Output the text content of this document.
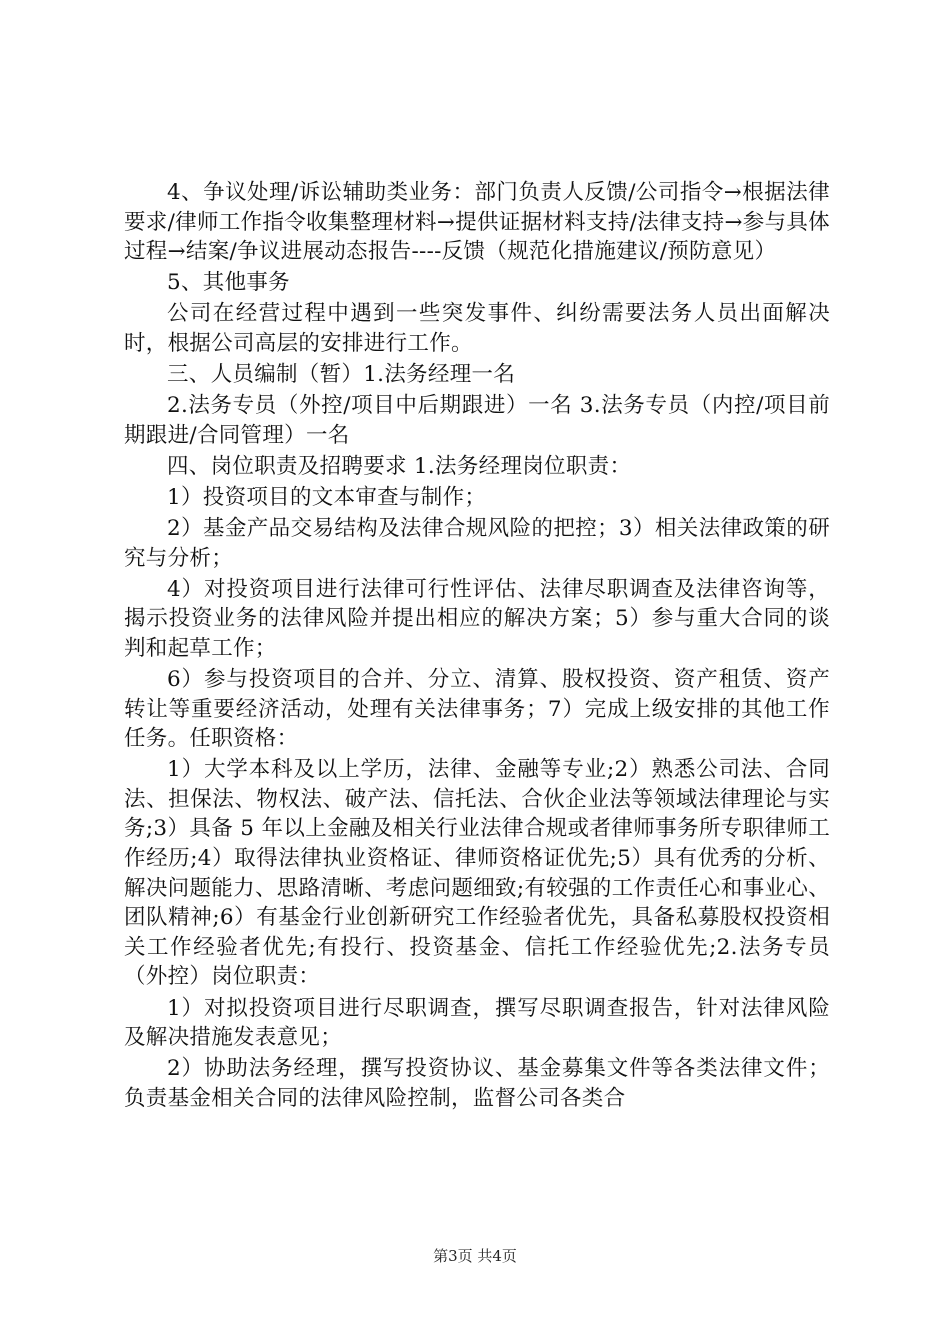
4、争议处理/诉讼辅助类业务：部门负责人反馈/公司指令→根据法律要求/律师工作指令收集整理材料→提供证据材料支持/法律支持→参与具体过程→结案/争议进展动态报告----反馈（规范化措施建议/预防意见）

5、其他事务

公司在经营过程中遇到一些突发事件、纠纷需要法务人员出面解决时，根据公司高层的安排进行工作。

三、人员编制（暂）1.法务经理一名

2.法务专员（外控/项目中后期跟进）一名 3.法务专员（内控/项目前期跟进/合同管理）一名

四、岗位职责及招聘要求 1.法务经理岗位职责：

1）投资项目的文本审查与制作；

2）基金产品交易结构及法律合规风险的把控；3）相关法律政策的研究与分析；

4）对投资项目进行法律可行性评估、法律尽职调查及法律咨询等，揭示投资业务的法律风险并提出相应的解决方案；5）参与重大合同的谈判和起草工作；

6）参与投资项目的合并、分立、清算、股权投资、资产租赁、资产转让等重要经济活动，处理有关法律事务；7）完成上级安排的其他工作任务。任职资格：

1）大学本科及以上学历，法律、金融等专业;2）熟悉公司法、合同法、担保法、物权法、破产法、信托法、合伙企业法等领域法律理论与实务;3）具备 5 年以上金融及相关行业法律合规或者律师事务所专职律师工作经历;4）取得法律执业资格证、律师资格证优先;5）具有优秀的分析、解决问题能力、思路清晰、考虑问题细致;有较强的工作责任心和事业心、团队精神;6）有基金行业创新研究工作经验者优先，具备私募股权投资相关工作经验者优先;有投行、投资基金、信托工作经验优先;2.法务专员（外控）岗位职责：

1）对拟投资项目进行尽职调查，撰写尽职调查报告，针对法律风险及解决措施发表意见；

2）协助法务经理，撰写投资协议、基金募集文件等各类法律文件；负责基金相关合同的法律风险控制，监督公司各类合

第3页 共4页
